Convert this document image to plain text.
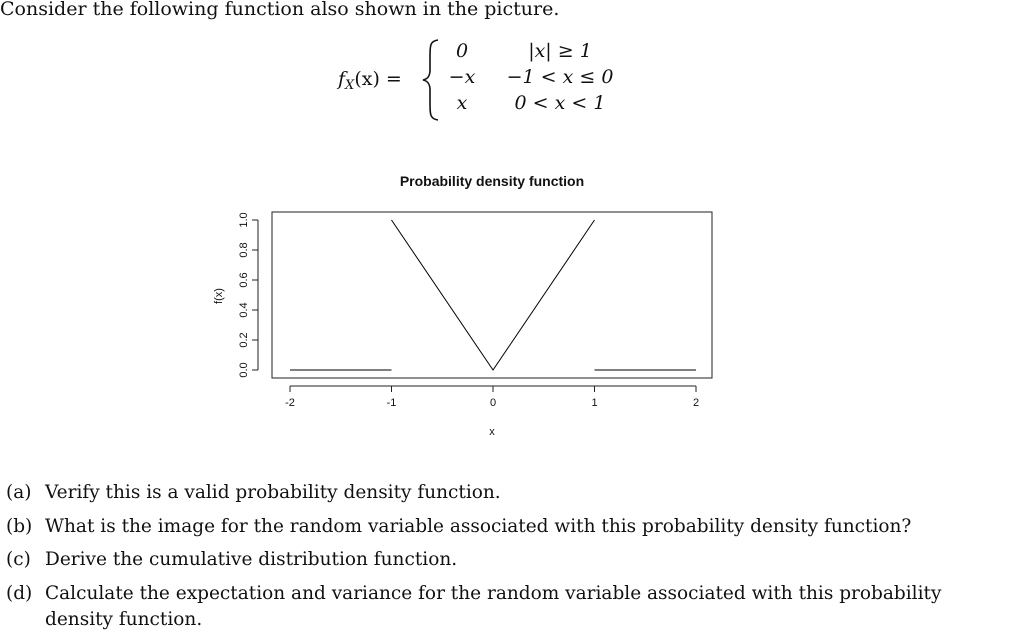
Consider the following function also shown in the picture.
$f_X(x)$ =
0	|x| ≥ 1
−x	−1 < x ≤ 0
x	0 < x < 1
Probability density function
0.0
0.2
0.4
0.6
0.8
1.0
-2	-1	0	1	2
x
f(x)
(a) Verify this is a valid probability density function.
(b) What is the image for the random variable associated with this probability density function?
(c) Derive the cumulative distribution function.
(d) Calculate the expectation and variance for the random variable associated with this probability density function.
